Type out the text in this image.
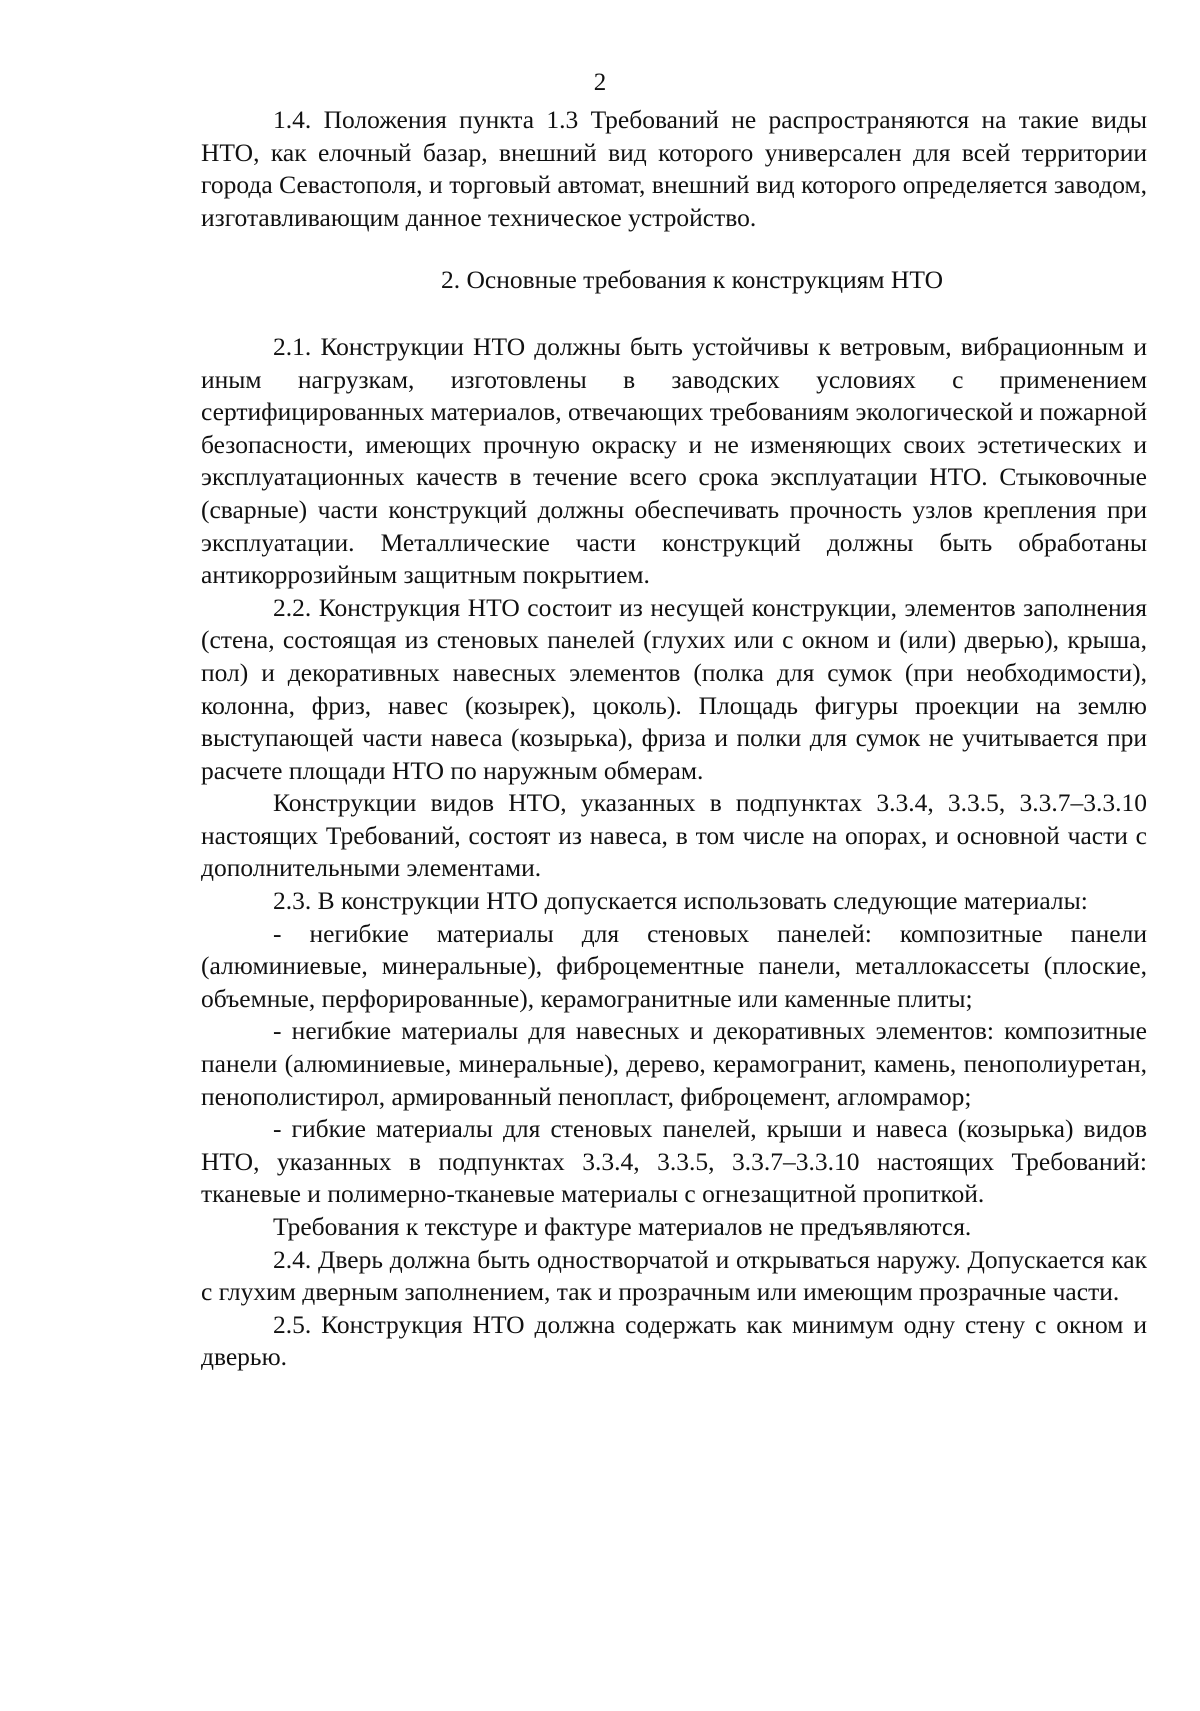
2

1.4. Положения пункта 1.3 Требований не распространяются на такие виды НТО, как елочный базар, внешний вид которого универсален для всей территории города Севастополя, и торговый автомат, внешний вид которого определяется заводом, изготавливающим данное техническое устройство.

2. Основные требования к конструкциям НТО

2.1. Конструкции НТО должны быть устойчивы к ветровым, вибрационным и иным нагрузкам, изготовлены в заводских условиях с применением сертифицированных материалов, отвечающих требованиям экологической и пожарной безопасности, имеющих прочную окраску и не изменяющих своих эстетических и эксплуатационных качеств в течение всего срока эксплуатации НТО. Стыковочные (сварные) части конструкций должны обеспечивать прочность узлов крепления при эксплуатации. Металлические части конструкций должны быть обработаны антикоррозийным защитным покрытием.

2.2. Конструкция НТО состоит из несущей конструкции, элементов заполнения (стена, состоящая из стеновых панелей (глухих или с окном и (или) дверью), крыша, пол) и декоративных навесных элементов (полка для сумок (при необходимости), колонна, фриз, навес (козырек), цоколь). Площадь фигуры проекции на землю выступающей части навеса (козырька), фриза и полки для сумок не учитывается при расчете площади НТО по наружным обмерам.

Конструкции видов НТО, указанных в подпунктах 3.3.4, 3.3.5, 3.3.7–3.3.10 настоящих Требований, состоят из навеса, в том числе на опорах, и основной части с дополнительными элементами.

2.3. В конструкции НТО допускается использовать следующие материалы:

- негибкие материалы для стеновых панелей: композитные панели (алюминиевые, минеральные), фиброцементные панели, металлокассеты (плоские, объемные, перфорированные), керамогранитные или каменные плиты;

- негибкие материалы для навесных и декоративных элементов: композитные панели (алюминиевые, минеральные), дерево, керамогранит, камень, пенополиуретан, пенополистирол, армированный пенопласт, фиброцемент, агломрамор;

- гибкие материалы для стеновых панелей, крыши и навеса (козырька) видов НТО, указанных в подпунктах 3.3.4, 3.3.5, 3.3.7–3.3.10 настоящих Требований: тканевые и полимерно-тканевые материалы с огнезащитной пропиткой.

Требования к текстуре и фактуре материалов не предъявляются.

2.4. Дверь должна быть одностворчатой и открываться наружу. Допускается как с глухим дверным заполнением, так и прозрачным или имеющим прозрачные части.

2.5. Конструкция НТО должна содержать как минимум одну стену с окном и дверью.
